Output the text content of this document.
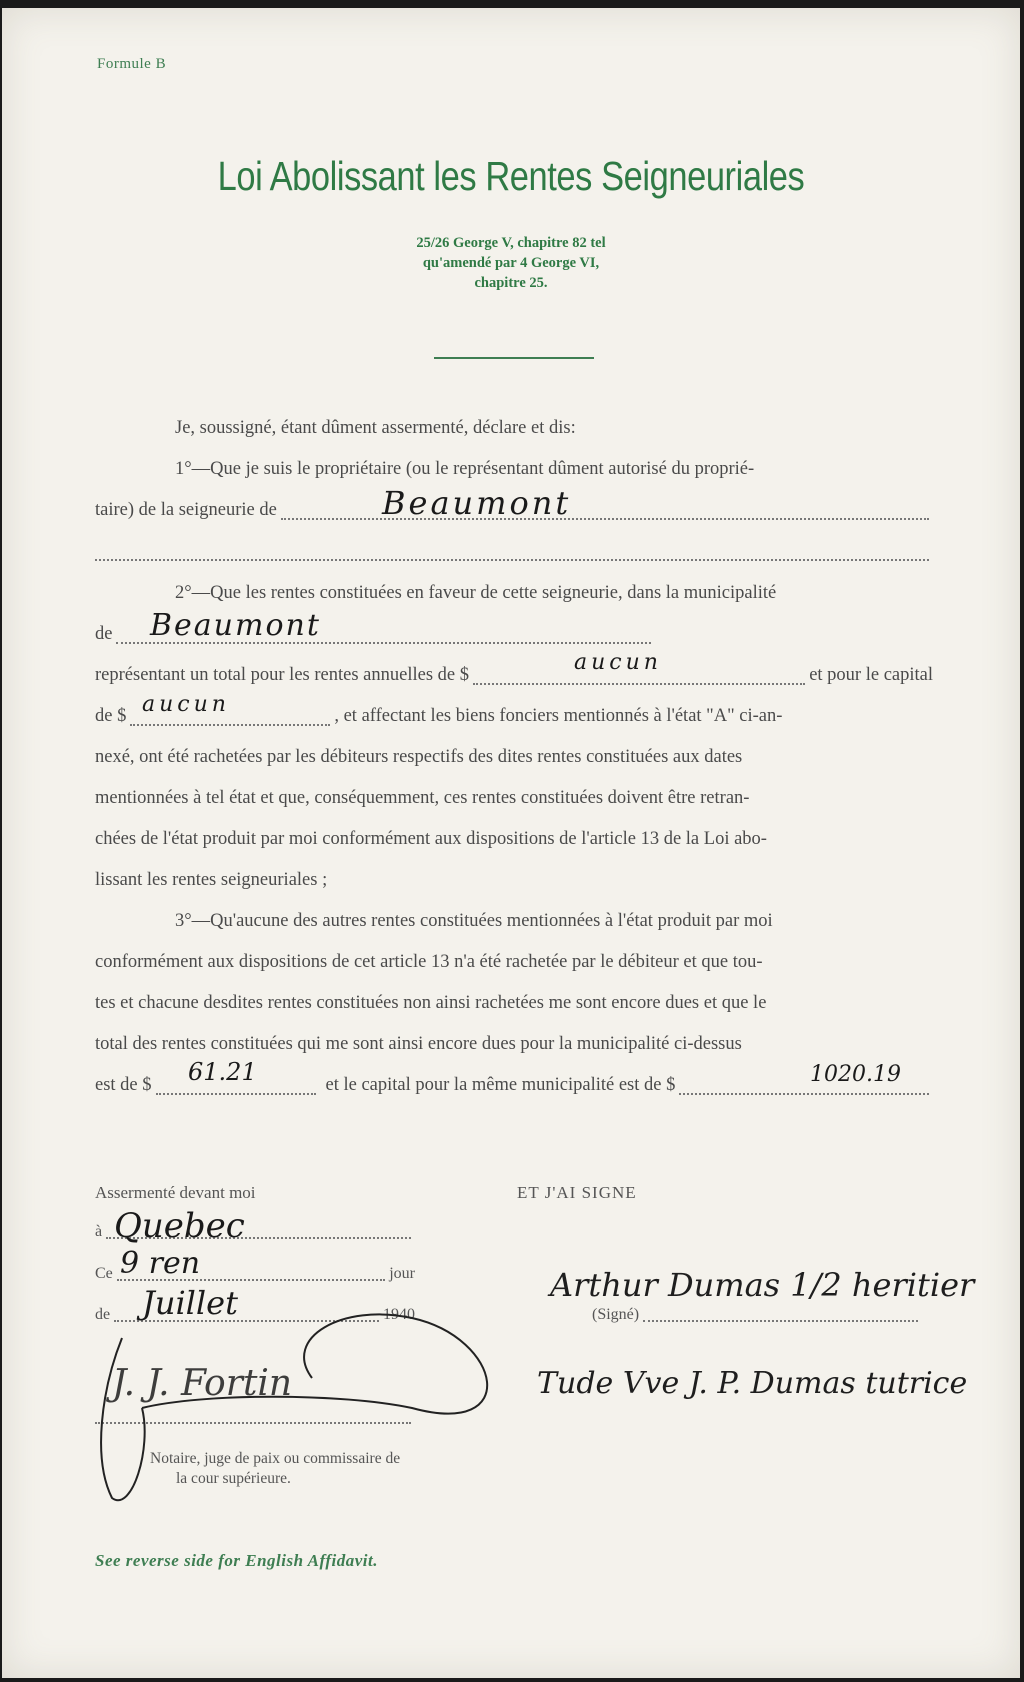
Formule B
Loi Abolissant les Rentes Seigneuriales
25/26 George V, chapitre 82 tel
qu'amendé par 4 George VI,
chapitre 25.
Je, soussigné, étant dûment assermenté, déclare et dis:
1°—Que je suis le propriétaire (ou le représentant dûment autorisé du proprié-
taire) de la seigneurie de	Beaumont
2°—Que les rentes constituées en faveur de cette seigneurie, dans la municipalité
de Beaumont
représentant un total pour les rentes annuelles de $	et pour le capital
aucun
de $	, et affectant les biens fonciers mentionnés à l'état "A" ci-an-
aucun
nexé, ont été rachetées par les débiteurs respectifs des dites rentes constituées aux dates
mentionnées à tel état et que, conséquemment, ces rentes constituées doivent être retran-
chées de l'état produit par moi conformément aux dispositions de l'article 13 de la Loi abo-
lissant les rentes seigneuriales ;
3°—Qu'aucune des autres rentes constituées mentionnées à l'état produit par moi
conformément aux dispositions de cet article 13 n'a été rachetée par le débiteur et que tou-
tes et chacune desdites rentes constituées non ainsi rachetées me sont encore dues et que le
total des rentes constituées qui me sont ainsi encore dues pour la municipalité ci-dessus
est de $	et le capital pour la même municipalité est de $
61.21	1020.19
Assermenté devant moi
à Quebec
Ce	jour
9 ren
de	1940
Juillet
J. J. Fortin
Notaire, juge de paix ou commissaire de
la cour supérieure.
ET J'AI SIGNE
Arthur Dumas 1/2 heritier
(Signé)
Tude Vve J. P. Dumas tutrice
See reverse side for English Affidavit.
